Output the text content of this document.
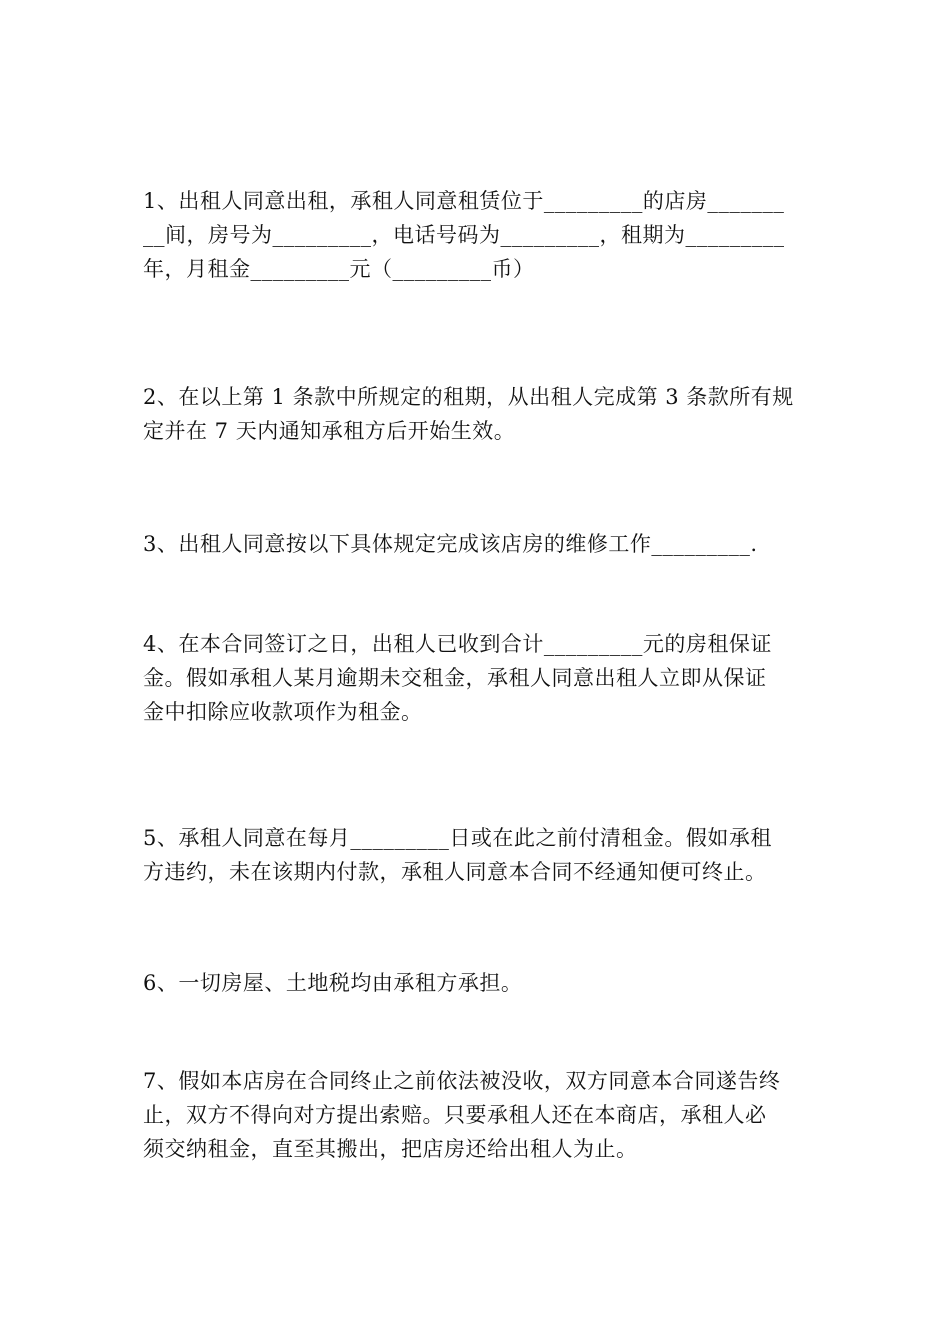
1、出租人同意出租，承租人同意租赁位于_________的店房_______
__间，房号为_________，电话号码为_________，租期为_________
年，月租金_________元（_________币）
2、在以上第 1 条款中所规定的租期，从出租人完成第 3 条款所有规
定并在 7 天内通知承租方后开始生效。
3、出租人同意按以下具体规定完成该店房的维修工作_________.
4、在本合同签订之日，出租人已收到合计_________元的房租保证
金。假如承租人某月逾期未交租金，承租人同意出租人立即从保证
金中扣除应收款项作为租金。
5、承租人同意在每月_________日或在此之前付清租金。假如承租
方违约，未在该期内付款，承租人同意本合同不经通知便可终止。
6、一切房屋、土地税均由承租方承担。
7、假如本店房在合同终止之前依法被没收，双方同意本合同遂告终
止，双方不得向对方提出索赔。只要承租人还在本商店，承租人必
须交纳租金，直至其搬出，把店房还给出租人为止。
